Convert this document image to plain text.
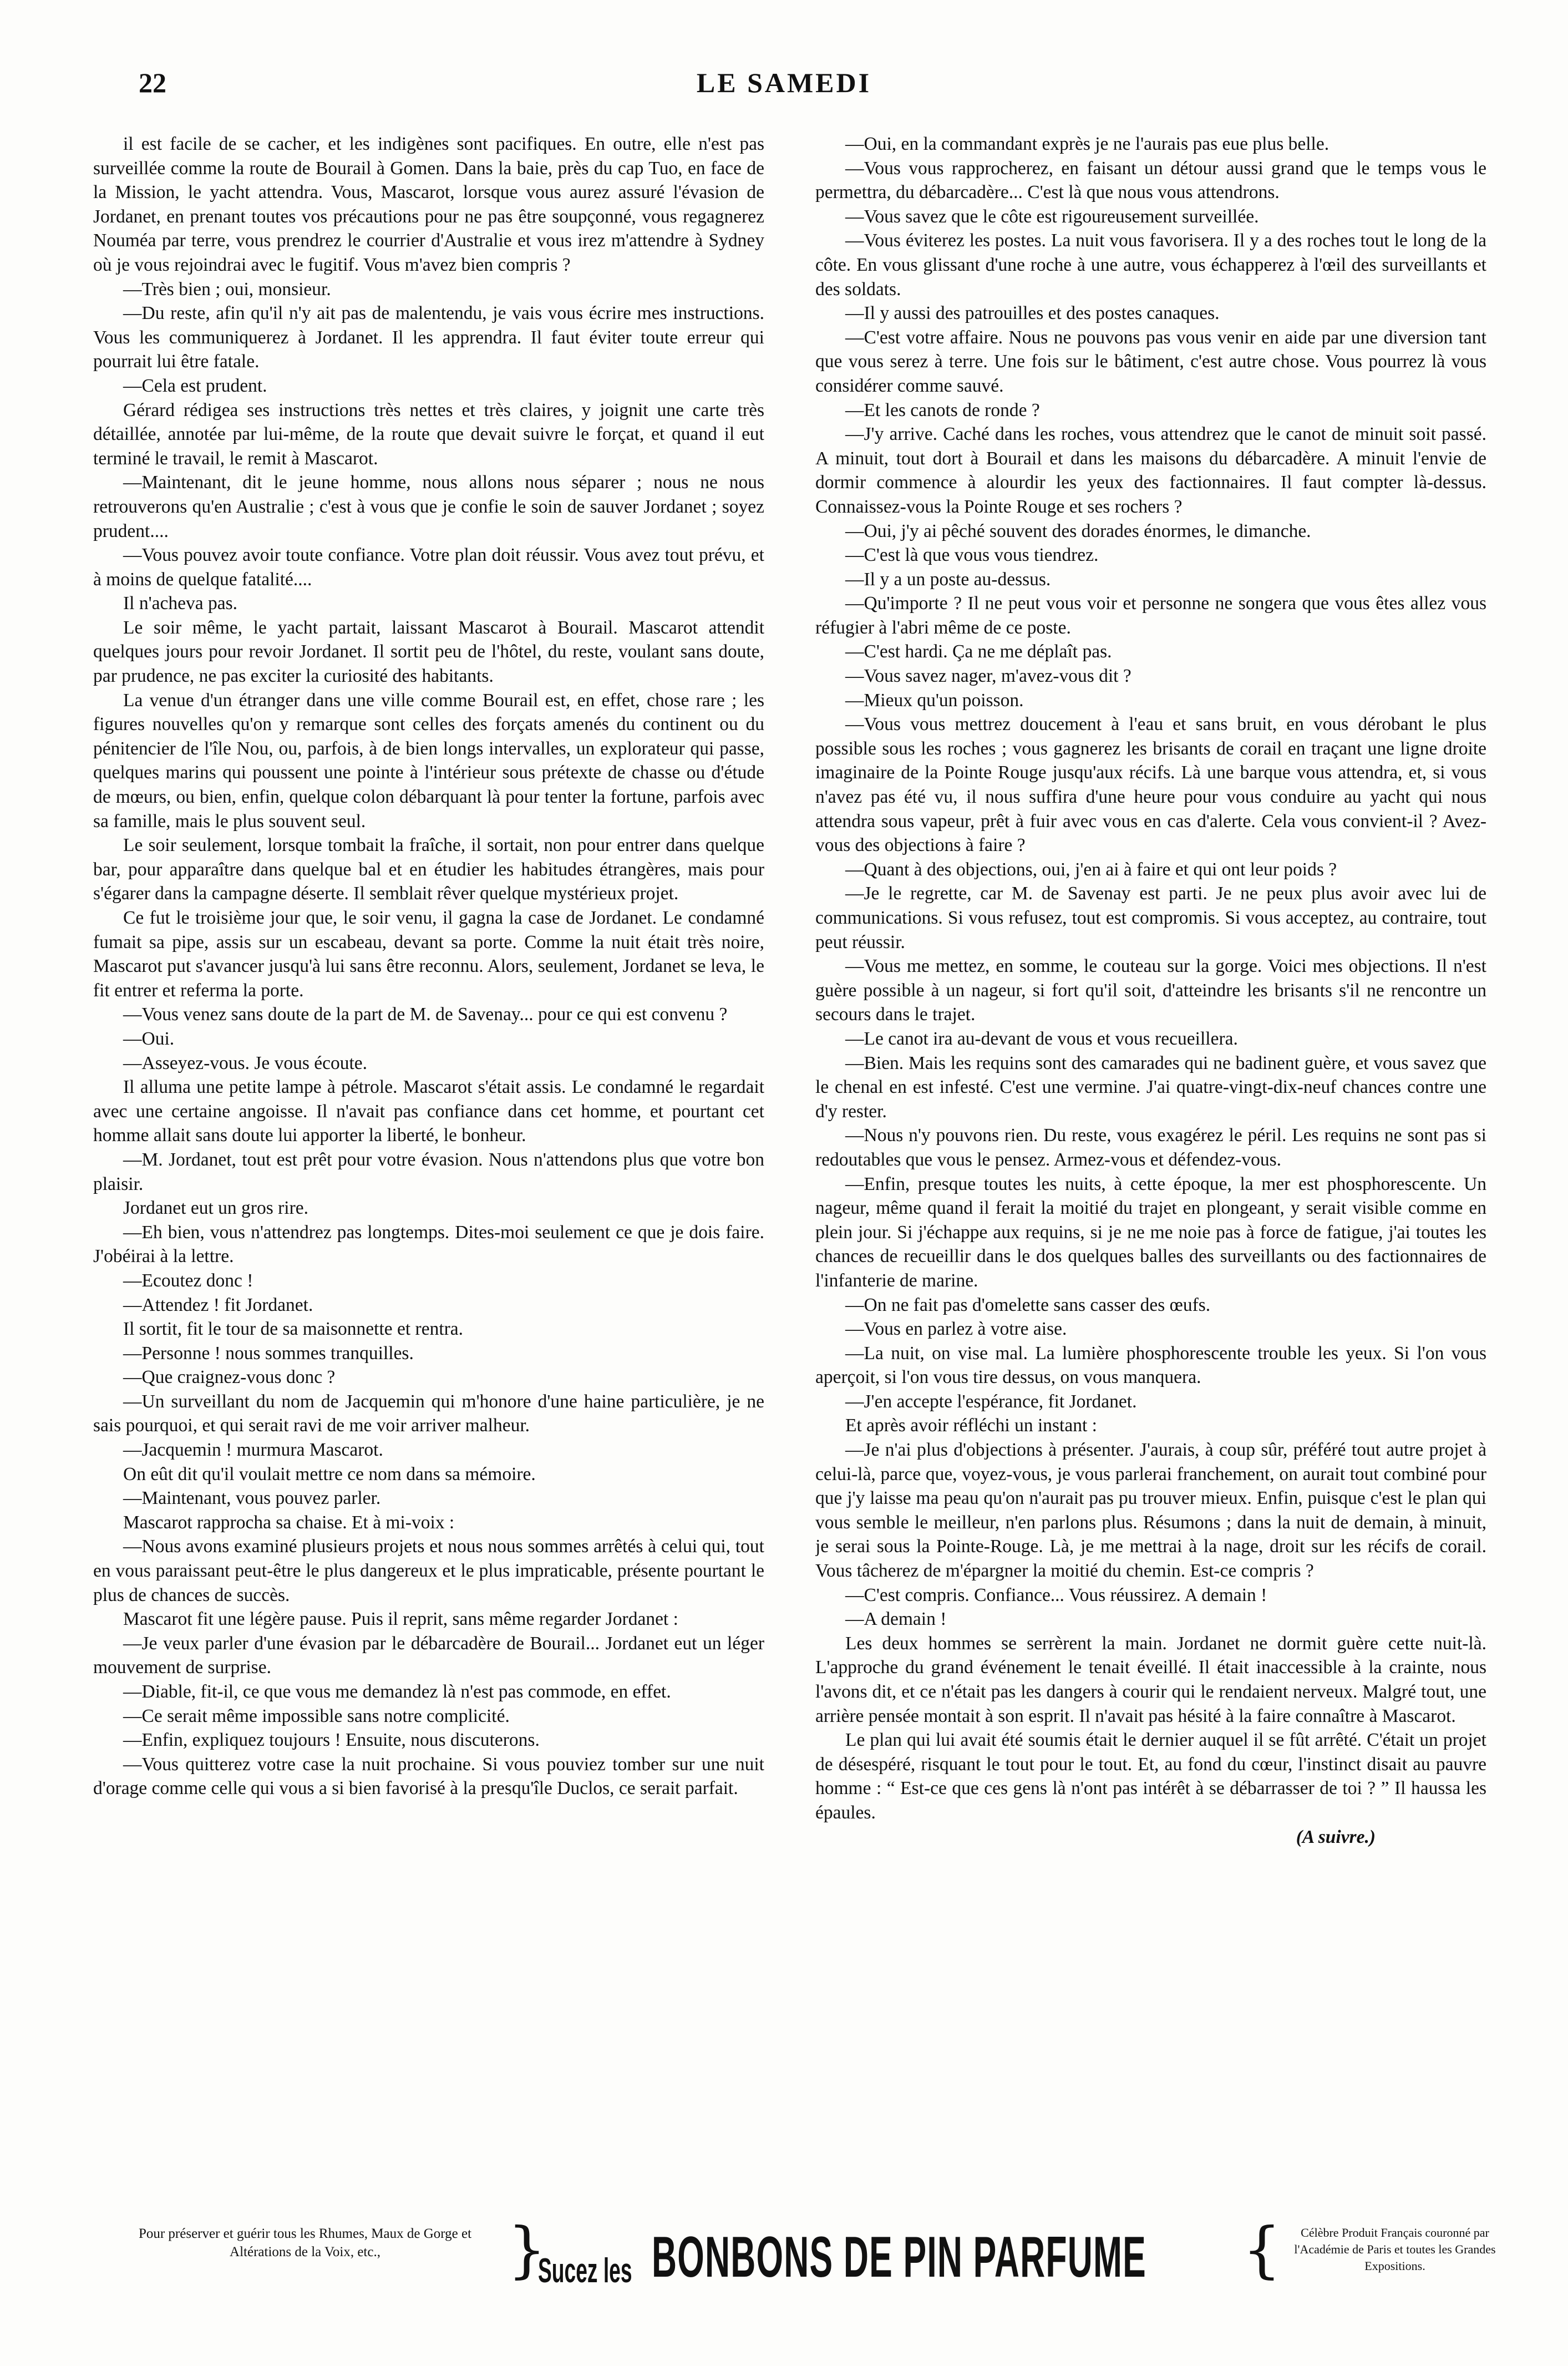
22	LE SAMEDI

il est facile de se cacher, et les indigènes sont pacifiques. En outre, elle n'est pas surveillée comme la route de Bourail à Gomen. Dans la baie, près du cap Tuo, en face de la Mission, le yacht attendra. Vous, Mascarot, lorsque vous aurez assuré l'évasion de Jordanet, en prenant toutes vos précautions pour ne pas être soupçonné, vous regagnerez Nouméa par terre, vous prendrez le courrier d'Australie et vous irez m'attendre à Sydney où je vous rejoindrai avec le fugitif. Vous m'avez bien compris ?

—Très bien ; oui, monsieur.

—Du reste, afin qu'il n'y ait pas de malentendu, je vais vous écrire mes instructions. Vous les communiquerez à Jordanet. Il les apprendra. Il faut éviter toute erreur qui pourrait lui être fatale.

—Cela est prudent.

Gérard rédigea ses instructions très nettes et très claires, y joignit une carte très détaillée, annotée par lui-même, de la route que devait suivre le forçat, et quand il eut terminé le travail, le remit à Mascarot.

—Maintenant, dit le jeune homme, nous allons nous séparer ; nous ne nous retrouverons qu'en Australie ; c'est à vous que je confie le soin de sauver Jordanet ; soyez prudent....

—Vous pouvez avoir toute confiance. Votre plan doit réussir. Vous avez tout prévu, et à moins de quelque fatalité....

Il n'acheva pas.

Le soir même, le yacht partait, laissant Mascarot à Bourail. Mascarot attendit quelques jours pour revoir Jordanet. Il sortit peu de l'hôtel, du reste, voulant sans doute, par prudence, ne pas exciter la curiosité des habitants.

La venue d'un étranger dans une ville comme Bourail est, en effet, chose rare ; les figures nouvelles qu'on y remarque sont celles des forçats amenés du continent ou du pénitencier de l'île Nou, ou, parfois, à de bien longs intervalles, un explorateur qui passe, quelques marins qui poussent une pointe à l'intérieur sous prétexte de chasse ou d'étude de mœurs, ou bien, enfin, quelque colon débarquant là pour tenter la fortune, parfois avec sa famille, mais le plus souvent seul.

Le soir seulement, lorsque tombait la fraîche, il sortait, non pour entrer dans quelque bar, pour apparaître dans quelque bal et en étudier les habitudes étrangères, mais pour s'égarer dans la campagne déserte. Il semblait rêver quelque mystérieux projet.

Ce fut le troisième jour que, le soir venu, il gagna la case de Jordanet. Le condamné fumait sa pipe, assis sur un escabeau, devant sa porte. Comme la nuit était très noire, Mascarot put s'avancer jusqu'à lui sans être reconnu. Alors, seulement, Jordanet se leva, le fit entrer et referma la porte.

—Vous venez sans doute de la part de M. de Savenay... pour ce qui est convenu ?

—Oui.

—Asseyez-vous. Je vous écoute.

Il alluma une petite lampe à pétrole. Mascarot s'était assis. Le condamné le regardait avec une certaine angoisse. Il n'avait pas confiance dans cet homme, et pourtant cet homme allait sans doute lui apporter la liberté, le bonheur.

—M. Jordanet, tout est prêt pour votre évasion. Nous n'attendons plus que votre bon plaisir.

Jordanet eut un gros rire.

—Eh bien, vous n'attendrez pas longtemps. Dites-moi seulement ce que je dois faire. J'obéirai à la lettre.

—Ecoutez donc !

—Attendez ! fit Jordanet.

Il sortit, fit le tour de sa maisonnette et rentra.

—Personne ! nous sommes tranquilles.

—Que craignez-vous donc ?

—Un surveillant du nom de Jacquemin qui m'honore d'une haine particulière, je ne sais pourquoi, et qui serait ravi de me voir arriver malheur.

—Jacquemin ! murmura Mascarot.

On eût dit qu'il voulait mettre ce nom dans sa mémoire.

—Maintenant, vous pouvez parler.

Mascarot rapprocha sa chaise. Et à mi-voix :

—Nous avons examiné plusieurs projets et nous nous sommes arrêtés à celui qui, tout en vous paraissant peut-être le plus dangereux et le plus impraticable, présente pourtant le plus de chances de succès.

Mascarot fit une légère pause. Puis il reprit, sans même regarder Jordanet :

—Je veux parler d'une évasion par le débarcadère de Bourail... Jordanet eut un léger mouvement de surprise.

—Diable, fit-il, ce que vous me demandez là n'est pas commode, en effet.

—Ce serait même impossible sans notre complicité.

—Enfin, expliquez toujours ! Ensuite, nous discuterons.

—Vous quitterez votre case la nuit prochaine. Si vous pouviez tomber sur une nuit d'orage comme celle qui vous a si bien favorisé à la presqu'île Duclos, ce serait parfait.

—Oui, en la commandant exprès je ne l'aurais pas eue plus belle.

—Vous vous rapprocherez, en faisant un détour aussi grand que le temps vous le permettra, du débarcadère... C'est là que nous vous attendrons.

—Vous savez que le côte est rigoureusement surveillée.

—Vous éviterez les postes. La nuit vous favorisera. Il y a des roches tout le long de la côte. En vous glissant d'une roche à une autre, vous échapperez à l'œil des surveillants et des soldats.

—Il y aussi des patrouilles et des postes canaques.

—C'est votre affaire. Nous ne pouvons pas vous venir en aide par une diversion tant que vous serez à terre. Une fois sur le bâtiment, c'est autre chose. Vous pourrez là vous considérer comme sauvé.

—Et les canots de ronde ?

—J'y arrive. Caché dans les roches, vous attendrez que le canot de minuit soit passé. A minuit, tout dort à Bourail et dans les maisons du débarcadère. A minuit l'envie de dormir commence à alourdir les yeux des factionnaires. Il faut compter là-dessus. Connaissez-vous la Pointe Rouge et ses rochers ?

—Oui, j'y ai pêché souvent des dorades énormes, le dimanche.

—C'est là que vous vous tiendrez.

—Il y a un poste au-dessus.

—Qu'importe ? Il ne peut vous voir et personne ne songera que vous êtes allez vous réfugier à l'abri même de ce poste.

—C'est hardi. Ça ne me déplaît pas.

—Vous savez nager, m'avez-vous dit ?

—Mieux qu'un poisson.

—Vous vous mettrez doucement à l'eau et sans bruit, en vous dérobant le plus possible sous les roches ; vous gagnerez les brisants de corail en traçant une ligne droite imaginaire de la Pointe Rouge jusqu'aux récifs. Là une barque vous attendra, et, si vous n'avez pas été vu, il nous suffira d'une heure pour vous conduire au yacht qui nous attendra sous vapeur, prêt à fuir avec vous en cas d'alerte. Cela vous convient-il ? Avez-vous des objections à faire ?

—Quant à des objections, oui, j'en ai à faire et qui ont leur poids ?

—Je le regrette, car M. de Savenay est parti. Je ne peux plus avoir avec lui de communications. Si vous refusez, tout est compromis. Si vous acceptez, au contraire, tout peut réussir.

—Vous me mettez, en somme, le couteau sur la gorge. Voici mes objections. Il n'est guère possible à un nageur, si fort qu'il soit, d'atteindre les brisants s'il ne rencontre un secours dans le trajet.

—Le canot ira au-devant de vous et vous recueillera.

—Bien. Mais les requins sont des camarades qui ne badinent guère, et vous savez que le chenal en est infesté. C'est une vermine. J'ai quatre-vingt-dix-neuf chances contre une d'y rester.

—Nous n'y pouvons rien. Du reste, vous exagérez le péril. Les requins ne sont pas si redoutables que vous le pensez. Armez-vous et défendez-vous.

—Enfin, presque toutes les nuits, à cette époque, la mer est phosphorescente. Un nageur, même quand il ferait la moitié du trajet en plongeant, y serait visible comme en plein jour. Si j'échappe aux requins, si je ne me noie pas à force de fatigue, j'ai toutes les chances de recueillir dans le dos quelques balles des surveillants ou des factionnaires de l'infanterie de marine.

—On ne fait pas d'omelette sans casser des œufs.

—Vous en parlez à votre aise.

—La nuit, on vise mal. La lumière phosphorescente trouble les yeux. Si l'on vous aperçoit, si l'on vous tire dessus, on vous manquera.

—J'en accepte l'espérance, fit Jordanet.

Et après avoir réfléchi un instant :

—Je n'ai plus d'objections à présenter. J'aurais, à coup sûr, préféré tout autre projet à celui-là, parce que, voyez-vous, je vous parlerai franchement, on aurait tout combiné pour que j'y laisse ma peau qu'on n'aurait pas pu trouver mieux. Enfin, puisque c'est le plan qui vous semble le meilleur, n'en parlons plus. Résumons ; dans la nuit de demain, à minuit, je serai sous la Pointe-Rouge. Là, je me mettrai à la nage, droit sur les récifs de corail. Vous tâcherez de m'épargner la moitié du chemin. Est-ce compris ?

—C'est compris. Confiance... Vous réussirez. A demain !

—A demain !

Les deux hommes se serrèrent la main. Jordanet ne dormit guère cette nuit-là. L'approche du grand événement le tenait éveillé. Il était inaccessible à la crainte, nous l'avons dit, et ce n'était pas les dangers à courir qui le rendaient nerveux. Malgré tout, une arrière pensée montait à son esprit. Il n'avait pas hésité à la faire connaître à Mascarot.

Le plan qui lui avait été soumis était le dernier auquel il se fût arrêté. C'était un projet de désespéré, risquant le tout pour le tout. Et, au fond du cœur, l'instinct disait au pauvre homme : “ Est-ce que ces gens là n'ont pas intérêt à se débarrasser de toi ? ” Il haussa les épaules.

(A suivre.)

Pour préserver et guérir tous les Rhumes, Maux de Gorge et Altérations de la Voix, etc.,	}
Sucez les BONBONS DE PIN PARFUME	{	Célèbre Produit Français couronné par l'Académie de Paris et toutes les Grandes Expositions.
